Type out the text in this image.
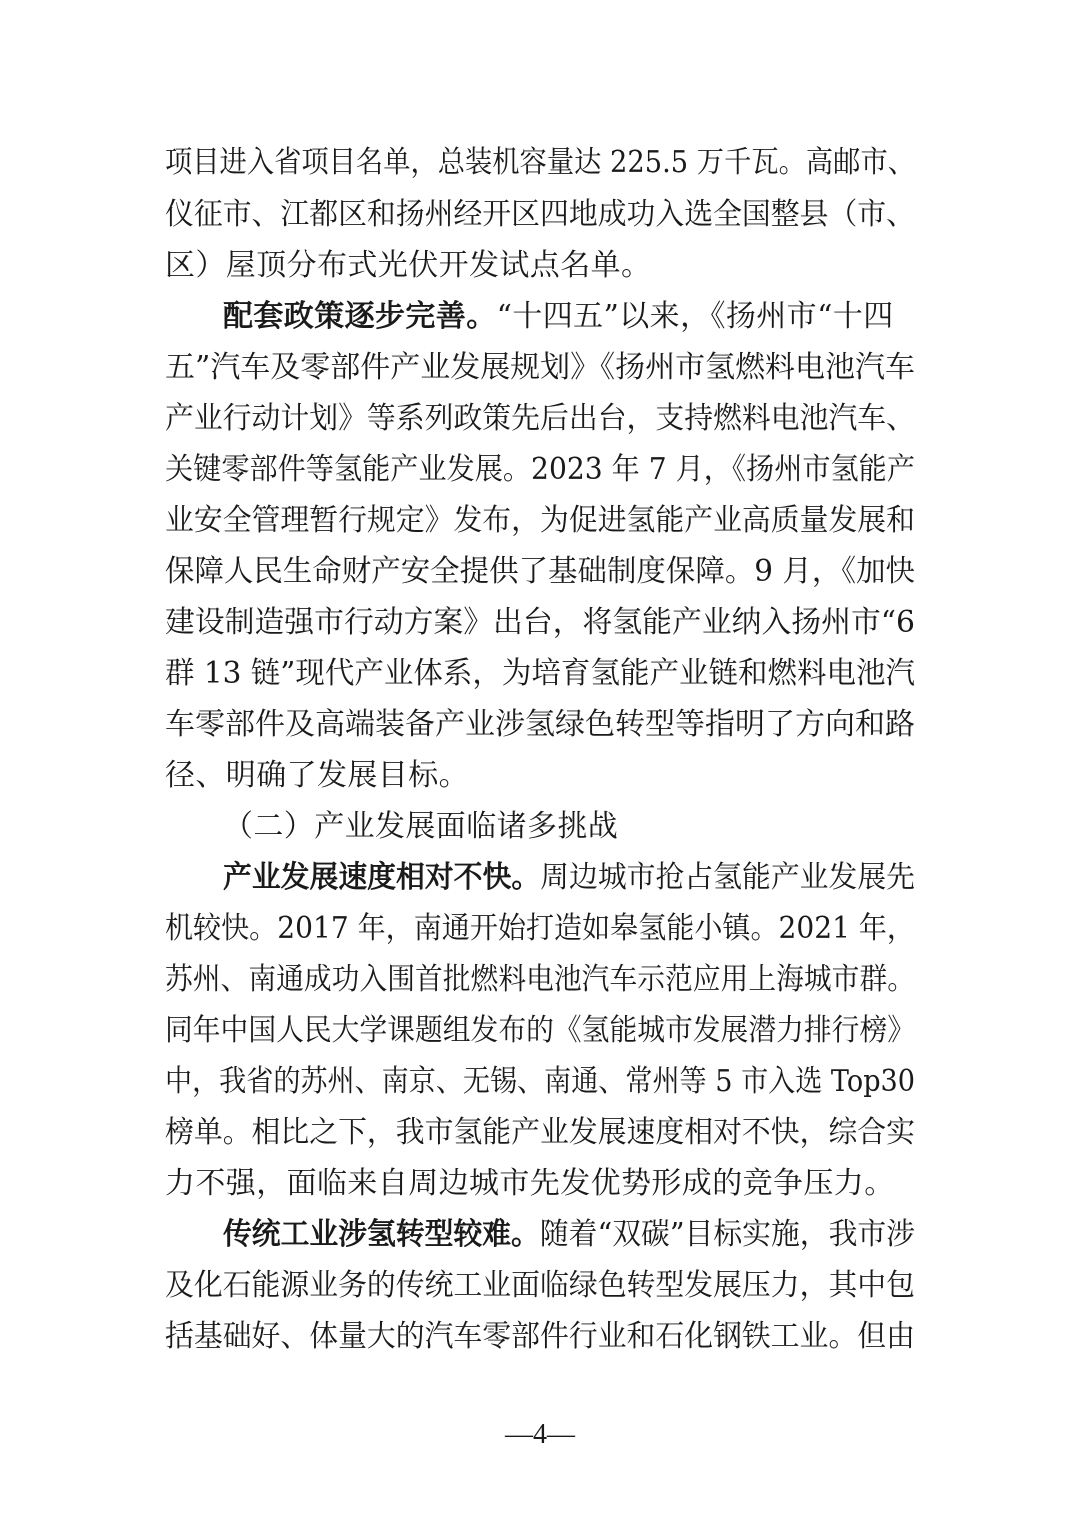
项目进入省项目名单，总装机容量达 225.5 万千瓦。高邮市、
仪征市、江都区和扬州经开区四地成功入选全国整县（市、
区）屋顶分布式光伏开发试点名单。
配套政策逐步完善。“十四五”以来，《扬州市“十四
五”汽车及零部件产业发展规划》《扬州市氢燃料电池汽车
产业行动计划》等系列政策先后出台，支持燃料电池汽车、
关键零部件等氢能产业发展。2023 年 7 月，《扬州市氢能产
业安全管理暂行规定》发布，为促进氢能产业高质量发展和
保障人民生命财产安全提供了基础制度保障。9 月，《加快
建设制造强市行动方案》出台，将氢能产业纳入扬州市“6
群 13 链”现代产业体系，为培育氢能产业链和燃料电池汽
车零部件及高端装备产业涉氢绿色转型等指明了方向和路
径、明确了发展目标。
（二）产业发展面临诸多挑战
产业发展速度相对不快。周边城市抢占氢能产业发展先
机较快。2017 年，南通开始打造如皋氢能小镇。2021 年，
苏州、南通成功入围首批燃料电池汽车示范应用上海城市群。
同年中国人民大学课题组发布的《氢能城市发展潜力排行榜》
中，我省的苏州、南京、无锡、南通、常州等 5 市入选 Top30
榜单。相比之下，我市氢能产业发展速度相对不快，综合实
力不强，面临来自周边城市先发优势形成的竞争压力。
传统工业涉氢转型较难。随着“双碳”目标实施，我市涉
及化石能源业务的传统工业面临绿色转型发展压力，其中包
括基础好、体量大的汽车零部件行业和石化钢铁工业。但由
—4—
